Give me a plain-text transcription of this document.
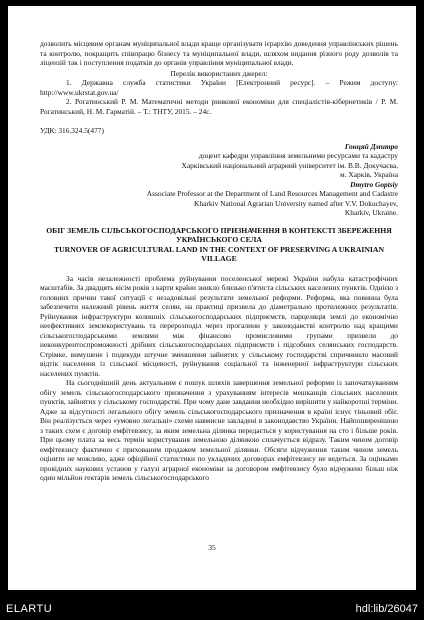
дозволить місцевим органам муніципальної влади краще організувати ієрархію доведення управлінських рішень та контролю, покращить співпрацю бізнесу та муніципальної влади, шляхом видання різного роду дозволів та ліцензій так і поступлення податків до органів управління муніципальної влади.

Перелік використаних джерел:

1. Державна служба статистики України [Електронний ресурс]. – Режим доступу: http://www.ukrstat.gov.ua/

2. Рогатинський Р. М. Математичні методи ринкової економіки для спеціалістів-кібернетиків / Р. М. Рогатинський, Н. М. Гарматій. – Т.: ТНТУ, 2015. – 24с.

УДК: 316.324.5(477)
Гонцяй Дмитро
доцент кафедри управління земельними ресурсами та кадастру
Харківський національний аграрний університет ім. В.В. Докучаєва,
м. Харків, Україна
Dmytro Goptsiy
Associate Professor at the Department of Land Resources Management and Cadastre
Kharkiv National Agrarian University named after V.V. Dokuchayev,
Kharkiv, Ukraine.
ОБІГ ЗЕМЕЛЬ СІЛЬСЬКОГОСПОДАРСЬКОГО ПРИЗНАЧЕННЯ В КОНТЕКСТІ ЗБЕРЕЖЕННЯ УКРАЇНСЬКОГО СЕЛА
TURNOVER OF AGRICULTURAL LAND IN THE CONTEXT OF PRESERVING A UKRAINIAN VILLAGE

За часів незалежності проблема руйнування поселенської мережі України набула катастрофічних масштабів. За двадцять вісім років з карти країни зникло близько п'ятиста сільських населених пунктів. Однією з головних причин такої ситуації є незадовільні результати земельної реформи. Реформа, яка повинна була забезпечити належний рівень життя селян, на практиці призвела до діаметрально протилежних результатів. Руйнування інфраструктури колишніх сільськогосподарських підприємств, парцеляція землі до економічно неефективних землекористувань та перерозподіл через прогалини у законодавстві контролю над кращими сільськогосподарськими землями між фінансово промисловими групами призвели до неконкурентоспроможності дрібних сільськогосподарських підприємств і підсобних селянських господарств. Стрімке, вимушене і подекуди штучне зменшення зайнятих у сільському господарстві спричинило масовий відтік населення із сільської місцевості, руйнування соціальної та інженерної інфраструктури сільських населених пунктів.

На сьогоднішній день актуальним є пошук шляхів завершення земельної реформи із започаткуванням обігу земель сільськогосподарського призначення з урахуванням інтересів мешканців сільських населених пунктів, зайнятих у сільському господарстві. При чому дане завдання необхідно вирішити у найкоротші терміни. Адже за відсутності легального обігу земель сільськогосподарського призначення в країні існує тіньовий обіг. Він реалізується через «умовно легальні» схеми навмисне закладені в законодавство України. Найпоширенішою з таких схем є договір емфітевзису, за яким земельна ділянка передається у користування на сто і більше років. При цьому плата за весь термін користування земельною ділянкою сплачується відразу. Таким чином договір емфітевзису фактично є прихованим продажем земельної ділянки. Обсяги відчуження таким чином земель оцінити не можливо, адже офіційної статистики по укладених договорах емфітевзису не ведеться. За оцінками провідних наукових установ у галузі аграрної економіки за договором емфітевзису було відчужено більш ніж один мільйон гектарів земель сільськогосподарського

35
ELARTU	hdl:lib/26047
